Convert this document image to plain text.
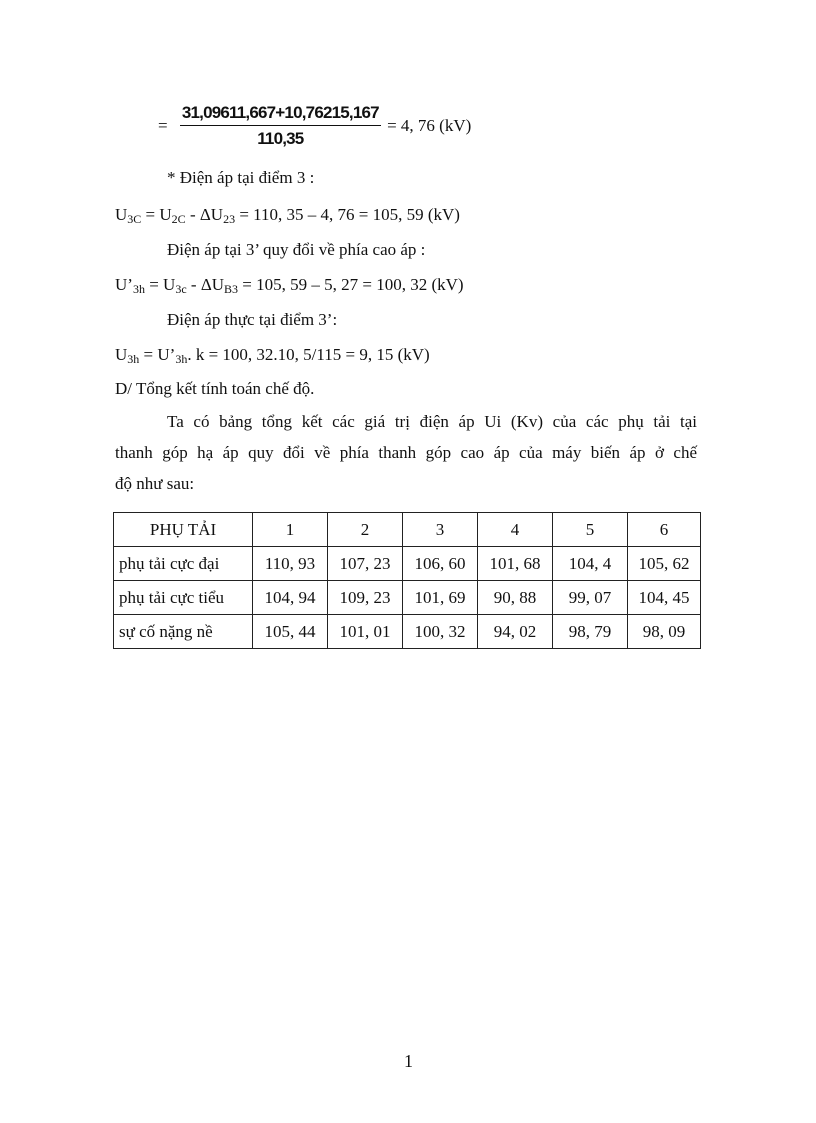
= $\frac{31,09611,667+10,76215,167}{110,35} = 4$, 76 (kV)
* Điện áp tại điểm 3 :
$U_{3C} = U_{2C} - \Delta U_{23} = 110$, 35 – 4, 76 = 105, 59 (kV)
Điện áp tại 3’ quy đổi về phía cao áp :
$U’_{3h} = U_{3c} - \Delta U_{B3} = 105$, 59 – 5, 27 = 100, 32 (kV)
Điện áp thực tại điểm 3’:
$U_{3h}$ = $U’_{3h}$. k = 100, 32.10, 5/115 = 9, 15 (kV)
D/ Tổng kết tính toán chế độ.
Ta có bảng tổng kết các giá trị điện áp Ui (Kv) của các phụ tải tại
thanh góp hạ áp quy đổi về phía thanh góp cao áp của máy biến áp ở chế
độ như sau:
PHỤ TẢI	1	2	3	4	5	6
phụ tải cực đại	110, 93	107, 23	106, 60	101, 68	104, 4	105, 62
phụ tải cực tiểu	104, 94	109, 23	101, 69	90, 88	99, 07	104, 45
sự cố nặng nề	105, 44	101, 01	100, 32	94, 02	98, 79	98, 09
1
